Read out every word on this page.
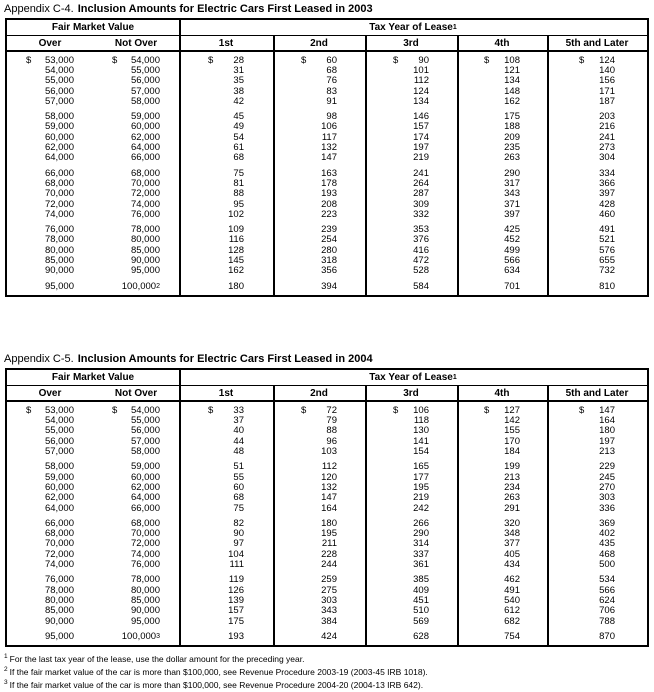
Appendix C-4. Inclusion Amounts for Electric Cars First Leased in 2003
Fair Market Value	Tax Year of Lease$^1$
Over	Not Over	1st	2nd	3rd	4th	5th and Later
$ 53,000	$ 54,000	$ 28	$ 60	$ 90	$ 108	$ 124
54,000	55,000	31	68	101	121	140
55,000	56,000	35	76	112	134	156
56,000	57,000	38	83	124	148	171
57,000	58,000	42	91	134	162	187
58,000	59,000	45	98	146	175	203
59,000	60,000	49	106	157	188	216
60,000	62,000	54	117	174	209	241
62,000	64,000	61	132	197	235	273
64,000	66,000	68	147	219	263	304
66,000	68,000	75	163	241	290	334
68,000	70,000	81	178	264	317	366
70,000	72,000	88	193	287	343	397
72,000	74,000	95	208	309	371	428
74,000	76,000	102	223	332	397	460
76,000	78,000	109	239	353	425	491
78,000	80,000	116	254	376	452	521
80,000	85,000	128	280	416	499	576
85,000	90,000	145	318	472	566	655
90,000	95,000	162	356	528	634	732
95,000	100,000$^2$	180	394	584	701	810
Appendix C-5. Inclusion Amounts for Electric Cars First Leased in 2004
Fair Market Value	Tax Year of Lease$^1$
Over	Not Over	1st	2nd	3rd	4th	5th and Later
$ 53,000	$ 54,000	$ 33	$ 72	$ 106	$ 127	$ 147
54,000	55,000	37	79	118	142	164
55,000	56,000	40	88	130	155	180
56,000	57,000	44	96	141	170	197
57,000	58,000	48	103	154	184	213
58,000	59,000	51	112	165	199	229
59,000	60,000	55	120	177	213	245
60,000	62,000	60	132	195	234	270
62,000	64,000	68	147	219	263	303
64,000	66,000	75	164	242	291	336
66,000	68,000	82	180	266	320	369
68,000	70,000	90	195	290	348	402
70,000	72,000	97	211	314	377	435
72,000	74,000	104	228	337	405	468
74,000	76,000	111	244	361	434	500
76,000	78,000	119	259	385	462	534
78,000	80,000	126	275	409	491	566
80,000	85,000	139	303	451	540	624
85,000	90,000	157	343	510	612	706
90,000	95,000	175	384	569	682	788
95,000	100,000$^3$	193	424	628	754	870
$^1$ For the last tax year of the lease, use the dollar amount for the preceding year.
$^2$ If the fair market value of the car is more than $100,000, see Revenue Procedure 2003-19 (2003-45 IRB 1018).
$^3$ If the fair market value of the car is more than $100,000, see Revenue Procedure 2004-20 (2004-13 IRB 642).
